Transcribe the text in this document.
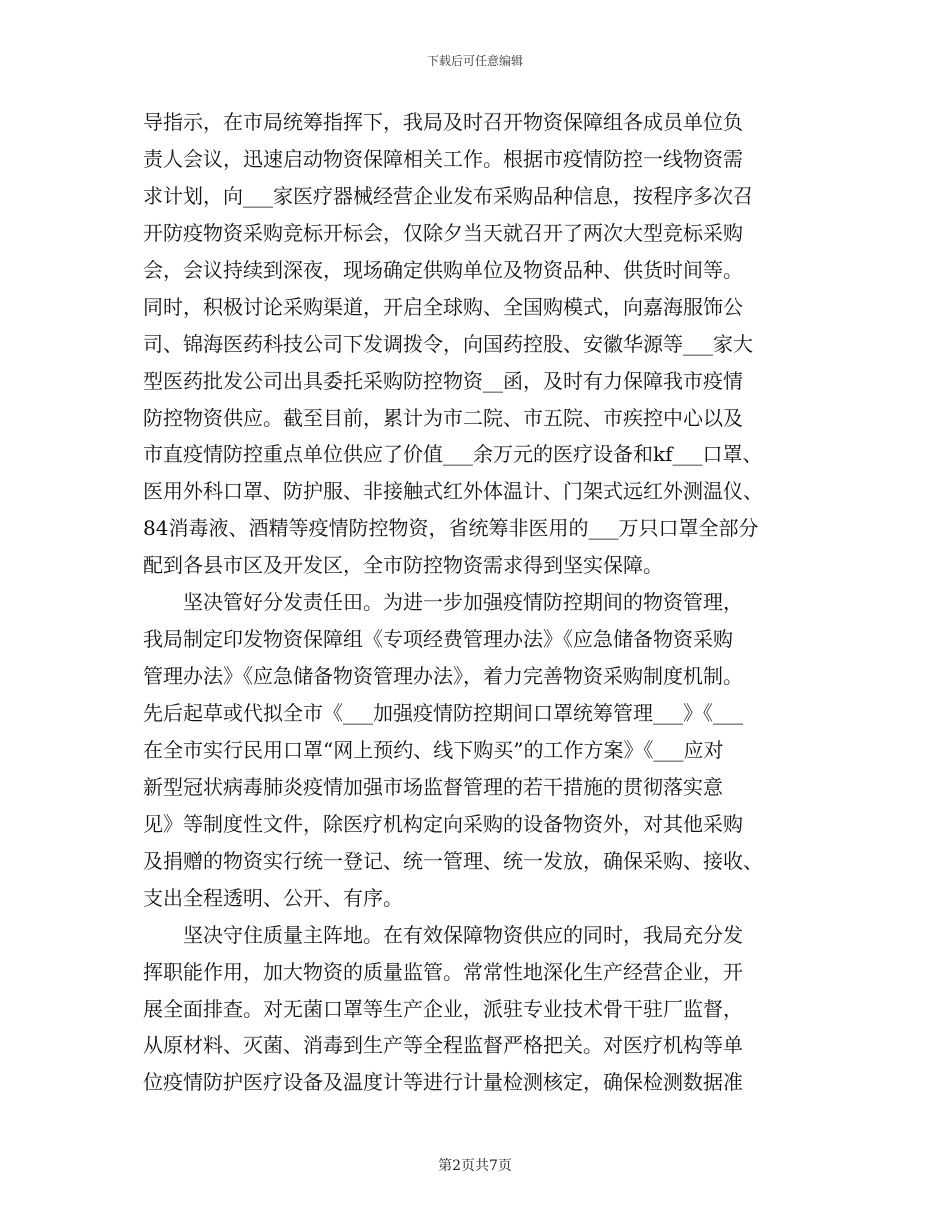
下载后可任意编辑
导指示，在市局统筹指挥下，我局及时召开物资保障组各成员单位负
责人会议，迅速启动物资保障相关工作。根据市疫情防控一线物资需
求计划，向___家医疗器械经营企业发布采购品种信息，按程序多次召
开防疫物资采购竞标开标会，仅除夕当天就召开了两次大型竞标采购
会，会议持续到深夜，现场确定供购单位及物资品种、供货时间等。
同时，积极讨论采购渠道，开启全球购、全国购模式，向嘉海服饰公
司、锦海医药科技公司下发调拨令，向国药控股、安徽华源等___家大
型医药批发公司出具委托采购防控物资__函，及时有力保障我市疫情
防控物资供应。截至目前，累计为市二院、市五院、市疾控中心以及
市直疫情防控重点单位供应了价值___余万元的医疗设备和kf___口罩、
医用外科口罩、防护服、非接触式红外体温计、门架式远红外测温仪、
84消毒液、酒精等疫情防控物资，省统筹非医用的___万只口罩全部分
配到各县市区及开发区，全市防控物资需求得到坚实保障。
　　坚决管好分发责任田。为进一步加强疫情防控期间的物资管理，
我局制定印发物资保障组《专项经费管理办法》《应急储备物资采购
管理办法》《应急储备物资管理办法》，着力完善物资采购制度机制。
先后起草或代拟全市《___加强疫情防控期间口罩统筹管理___》《___
在全市实行民用口罩“网上预约、线下购买”的工作方案》《___应对
新型冠状病毒肺炎疫情加强市场监督管理的若干措施的贯彻落实意
见》等制度性文件，除医疗机构定向采购的设备物资外，对其他采购
及捐赠的物资实行统一登记、统一管理、统一发放，确保采购、接收、
支出全程透明、公开、有序。
　　坚决守住质量主阵地。在有效保障物资供应的同时，我局充分发
挥职能作用，加大物资的质量监管。常常性地深化生产经营企业，开
展全面排查。对无菌口罩等生产企业，派驻专业技术骨干驻厂监督，
从原材料、灭菌、消毒到生产等全程监督严格把关。对医疗机构等单
位疫情防护医疗设备及温度计等进行计量检测核定，确保检测数据准
第2页共7页
